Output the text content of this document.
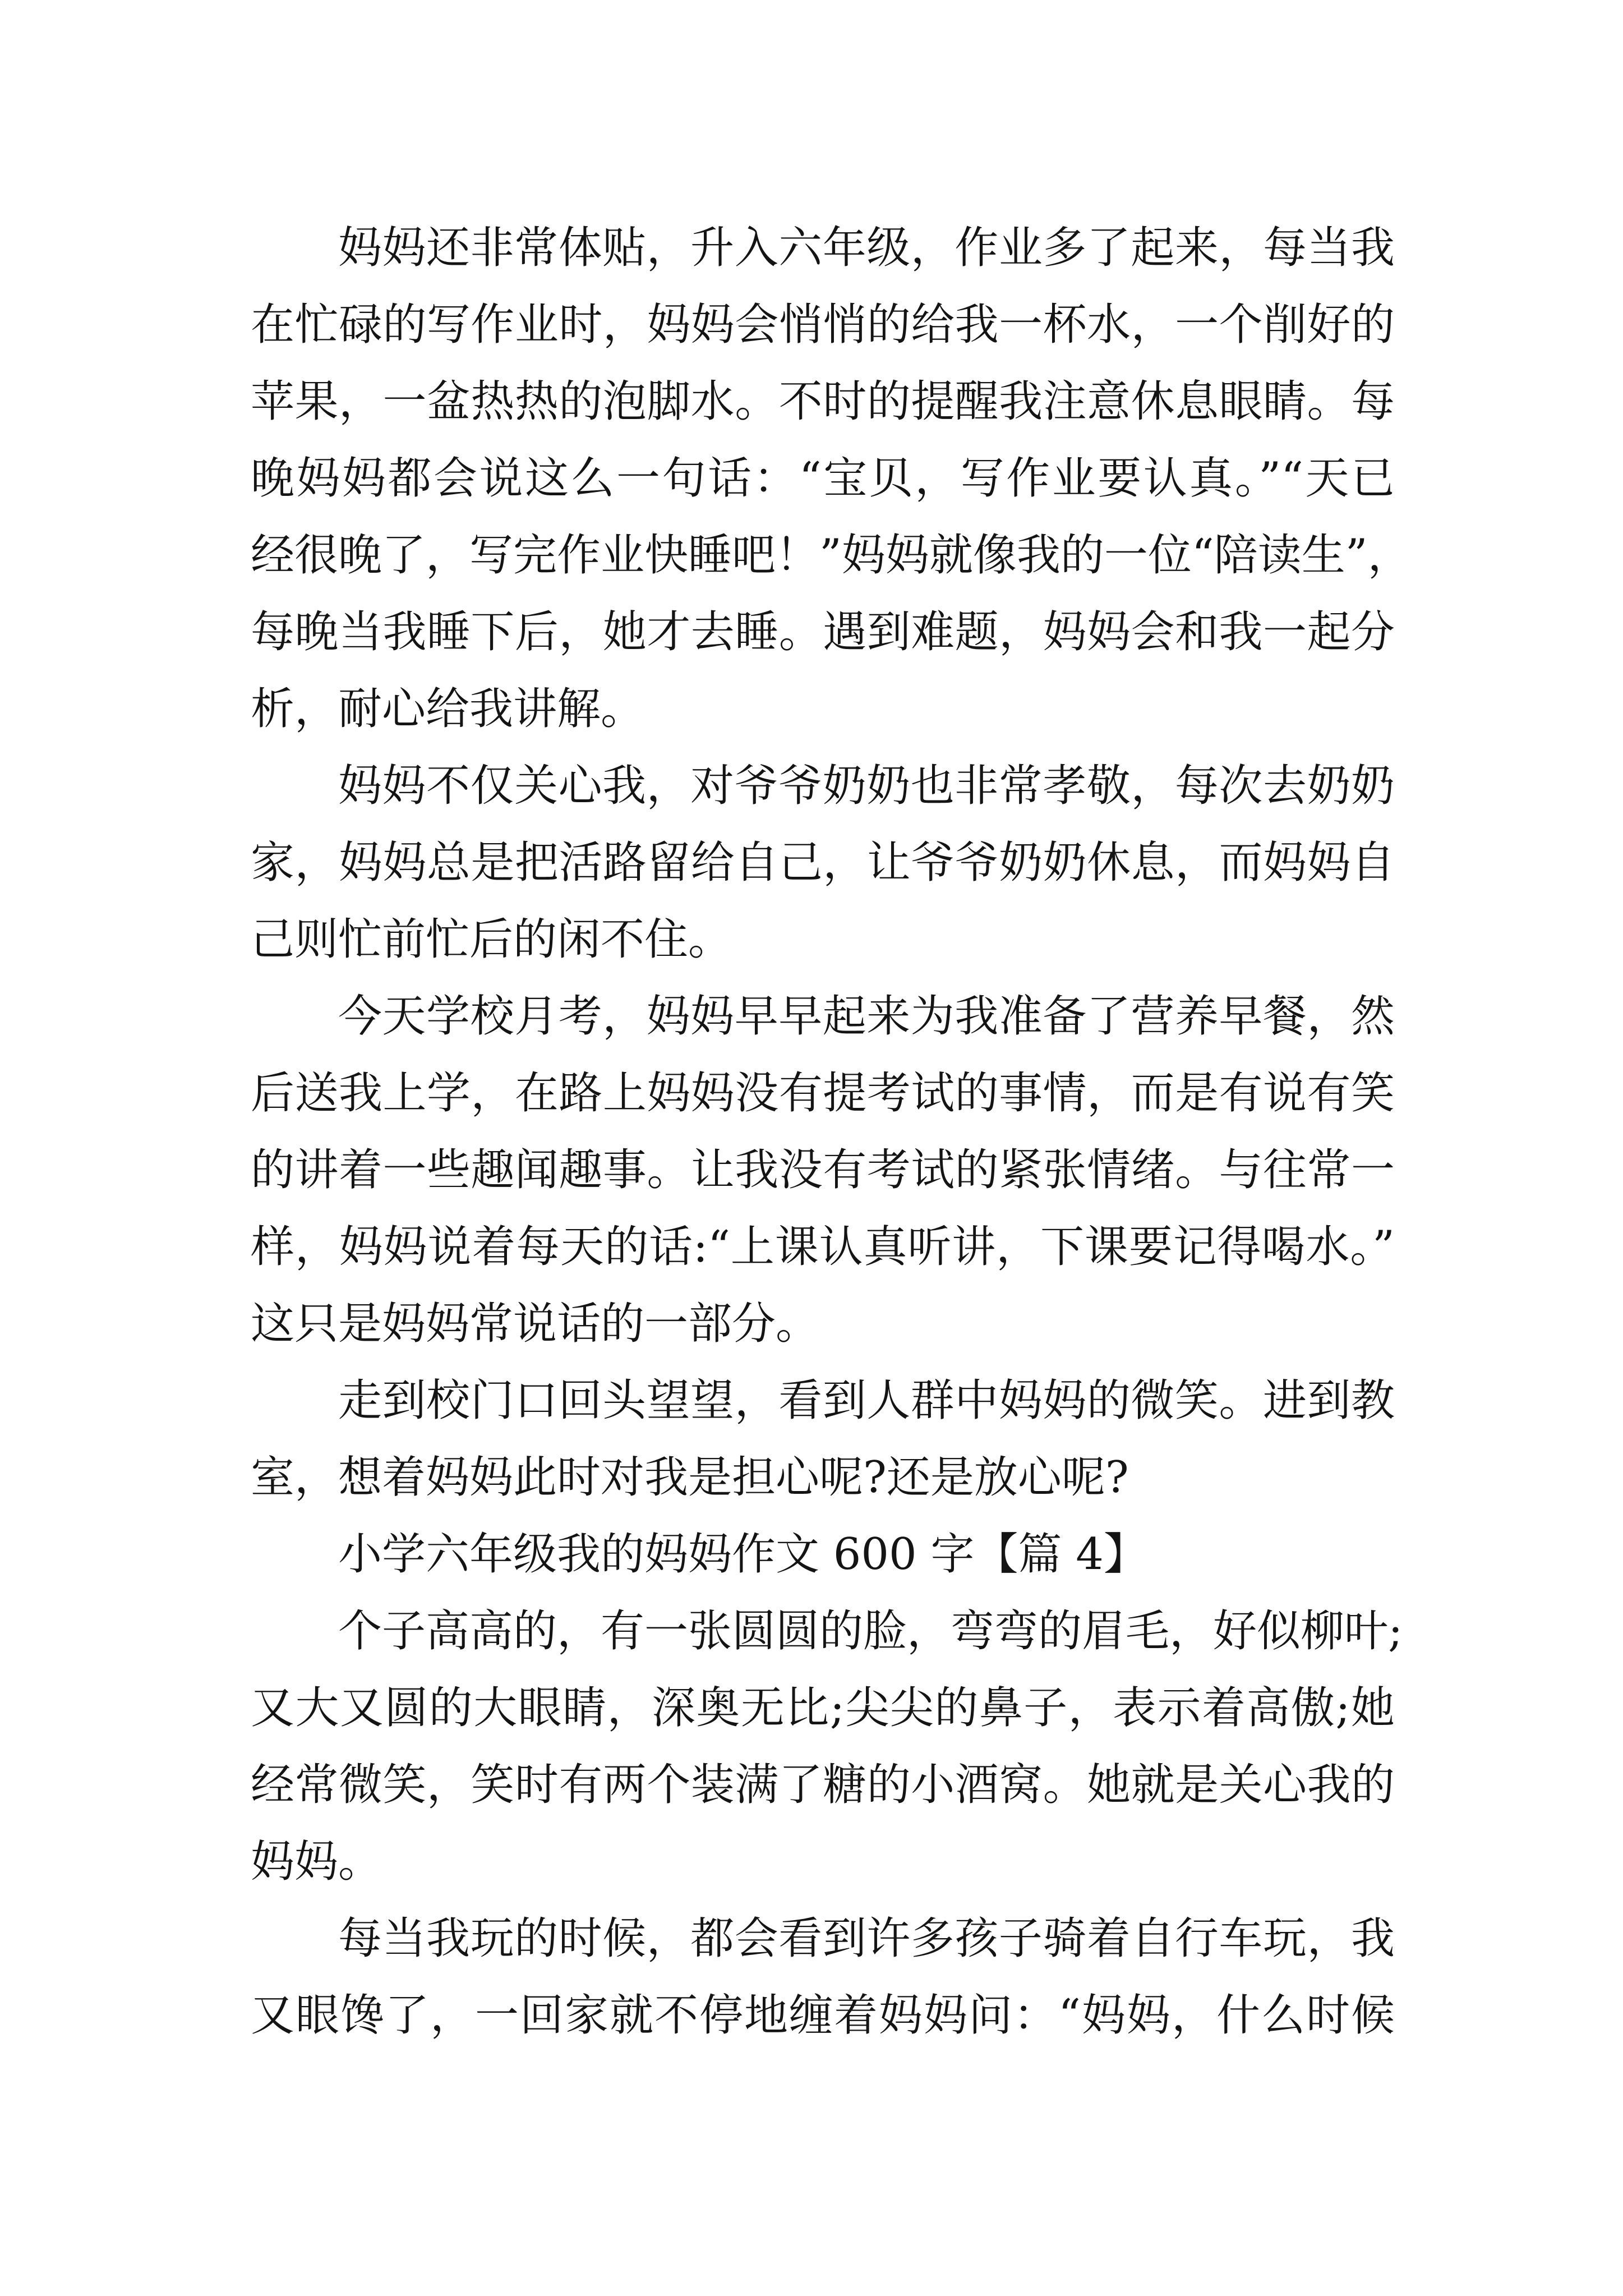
妈妈还非常体贴，升入六年级，作业多了起来，每当我
在忙碌的写作业时，妈妈会悄悄的给我一杯水，一个削好的
苹果，一盆热热的泡脚水。不时的提醒我注意休息眼睛。每
晚妈妈都会说这么一句话：“宝贝，写作业要认真。”“天已
经很晚了，写完作业快睡吧！”妈妈就像我的一位“陪读生”，
每晚当我睡下后，她才去睡。遇到难题，妈妈会和我一起分
析，耐心给我讲解。
妈妈不仅关心我，对爷爷奶奶也非常孝敬，每次去奶奶
家，妈妈总是把活路留给自己，让爷爷奶奶休息，而妈妈自
己则忙前忙后的闲不住。
今天学校月考，妈妈早早起来为我准备了营养早餐，然
后送我上学，在路上妈妈没有提考试的事情，而是有说有笑
的讲着一些趣闻趣事。让我没有考试的紧张情绪。与往常一
样，妈妈说着每天的话:“上课认真听讲，下课要记得喝水。”
这只是妈妈常说话的一部分。
走到校门口回头望望，看到人群中妈妈的微笑。进到教
室，想着妈妈此时对我是担心呢?还是放心呢?
小学六年级我的妈妈作文 600 字【篇 4】
个子高高的，有一张圆圆的脸，弯弯的眉毛，好似柳叶;
又大又圆的大眼睛，深奥无比;尖尖的鼻子，表示着高傲;她
经常微笑，笑时有两个装满了糖的小酒窝。她就是关心我的
妈妈。
每当我玩的时候，都会看到许多孩子骑着自行车玩，我
又眼馋了，一回家就不停地缠着妈妈问：“妈妈，什么时候
